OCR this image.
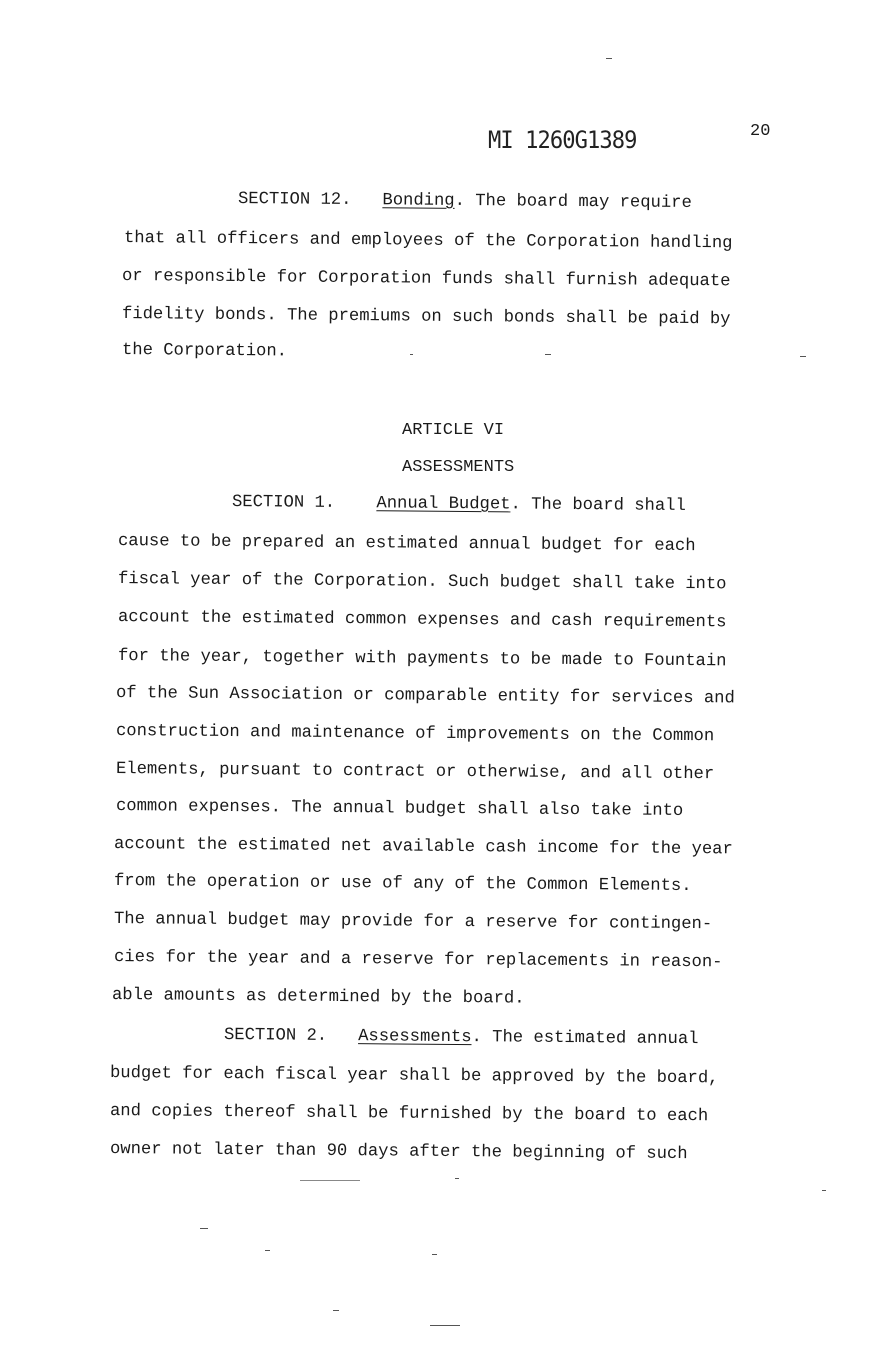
MI 1260G1389	20
SECTION 12. Bonding. The board may require
that all officers and employees of the Corporation handling
or responsible for Corporation funds shall furnish adequate
fidelity bonds. The premiums on such bonds shall be paid by
the Corporation.
ARTICLE VI
ASSESSMENTS
SECTION 1. Annual Budget. The board shall
cause to be prepared an estimated annual budget for each
fiscal year of the Corporation. Such budget shall take into
account the estimated common expenses and cash requirements
for the year, together with payments to be made to Fountain
of the Sun Association or comparable entity for services and
construction and maintenance of improvements on the Common
Elements, pursuant to contract or otherwise, and all other
common expenses. The annual budget shall also take into
account the estimated net available cash income for the year
from the operation or use of any of the Common Elements.
The annual budget may provide for a reserve for contingen-
cies for the year and a reserve for replacements in reason-
able amounts as determined by the board.
SECTION 2. Assessments. The estimated annual
budget for each fiscal year shall be approved by the board,
and copies thereof shall be furnished by the board to each
owner not later than 90 days after the beginning of such
